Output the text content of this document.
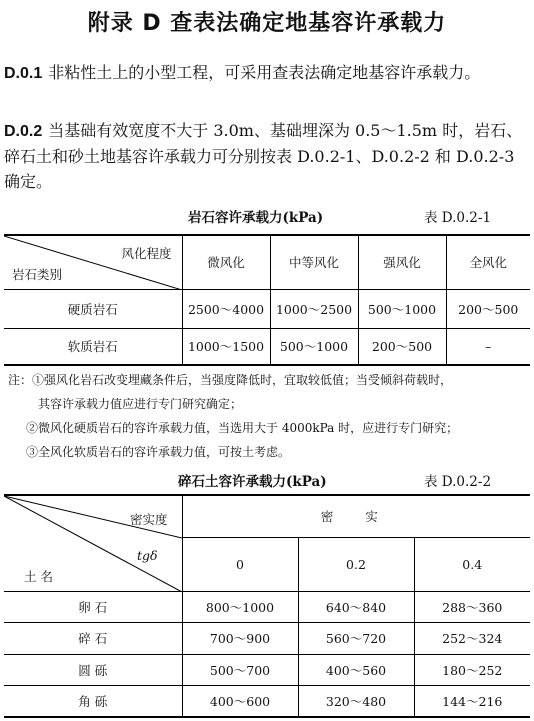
附录 D 查表法确定地基容许承载力
D.0.1 非粘性土上的小型工程，可采用查表法确定地基容许承载力。
D.0.2 当基础有效宽度不大于 3.0m、基础埋深为 0.5～1.5m 时，岩石、碎石土和砂土地基容许承载力可分别按表 D.0.2-1、D.0.2-2 和 D.0.2-3 确定。
岩石容许承载力(kPa)	表 D.0.2-1
风化程度
岩石类别	微风化	中等风化	强风化	全风化
硬质岩石	2500～4000	1000～2500	500～1000	200～500
软质岩石	1000～1500	500～1000	200～500	–
注：①强风化岩石改变埋藏条件后，当强度降低时，宜取较低值；当受倾斜荷载时，
其容许承载力值应进行专门研究确定；
②微风化硬质岩石的容许承载力值，当选用大于 4000kPa 时，应进行专门研究；
③全风化软质岩石的容许承载力值，可按土考虑。
碎石土容许承载力(kPa)	表 D.0.2-2
密实度
tgδ
土 名	密 实		
	0	0.2	0.4
卵 石	800～1000	640～840	288～360
碎 石	700～900	560～720	252～324
圆 砾	500～700	400～560	180～252
角 砾	400～600	320～480	144～216
